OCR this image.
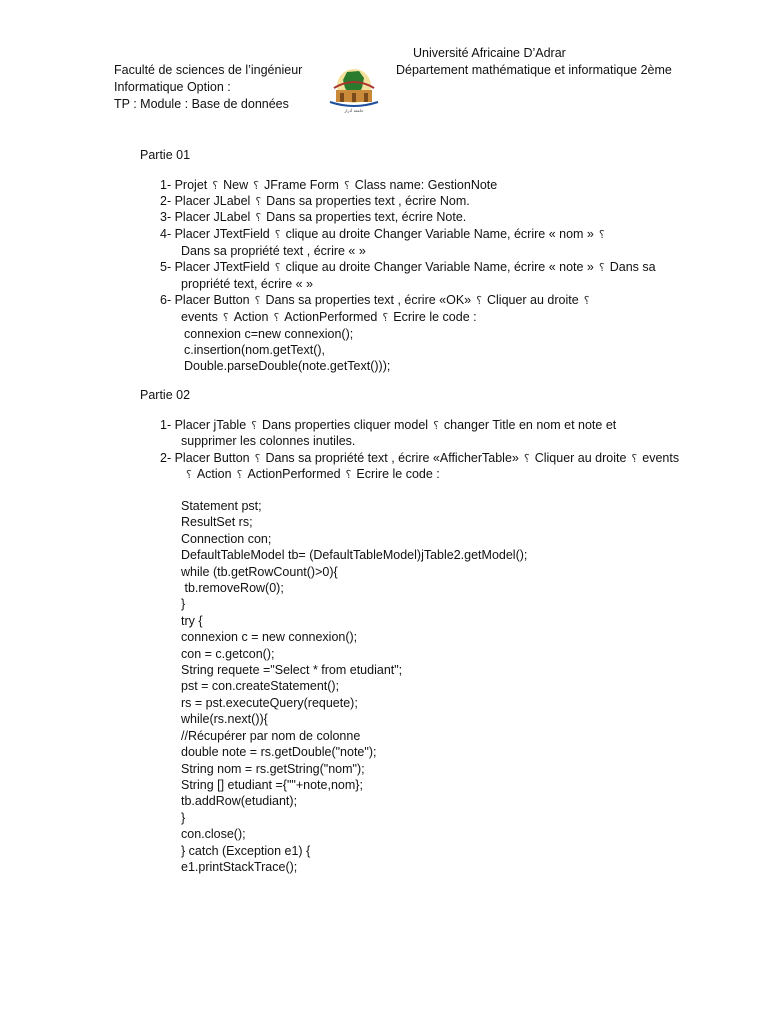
Université Africaine D’Adrar
Faculté de sciences de l’ingénieur	Département mathématique et informatique 2ème
Informatique Option :
TP : Module : Base de données	جامعة أدرار
Partie 01
1- Projet ⸮ New ⸮ JFrame Form ⸮ Class name: GestionNote
2- Placer JLabel ⸮ Dans sa properties text , écrire Nom.
3- Placer JLabel ⸮ Dans sa properties text, écrire Note.
4- Placer JTextField ⸮ clique au droite Changer Variable Name, écrire « nom » ⸮
Dans sa propriété text , écrire « »
5- Placer JTextField ⸮ clique au droite Changer Variable Name, écrire « note » ⸮ Dans sa
propriété text, écrire « »
6- Placer Button ⸮ Dans sa properties text , écrire «OK» ⸮ Cliquer au droite ⸮
events ⸮ Action ⸮ ActionPerformed ⸮ Ecrire le code :
connexion c=new connexion();
c.insertion(nom.getText(),
Double.parseDouble(note.getText()));
Partie 02
1- Placer jTable ⸮ Dans properties cliquer model ⸮ changer Title en nom et note et
supprimer les colonnes inutiles.
2- Placer Button ⸮ Dans sa propriété text , écrire «AfficherTable» ⸮ Cliquer au droite ⸮ events
⸮ Action ⸮ ActionPerformed ⸮ Ecrire le code :
Statement pst;
ResultSet rs;
Connection con;
DefaultTableModel tb= (DefaultTableModel)jTable2.getModel();
while (tb.getRowCount()>0){
tb.removeRow(0);
}
try {
connexion c = new connexion();
con = c.getcon();
String requete ="Select * from etudiant";
pst = con.createStatement();
rs = pst.executeQuery(requete);
while(rs.next()){
//Récupérer par nom de colonne
double note = rs.getDouble("note");
String nom = rs.getString("nom");
String [] etudiant ={""+note,nom};
tb.addRow(etudiant);
}
con.close();
} catch (Exception e1) {
e1.printStackTrace();
